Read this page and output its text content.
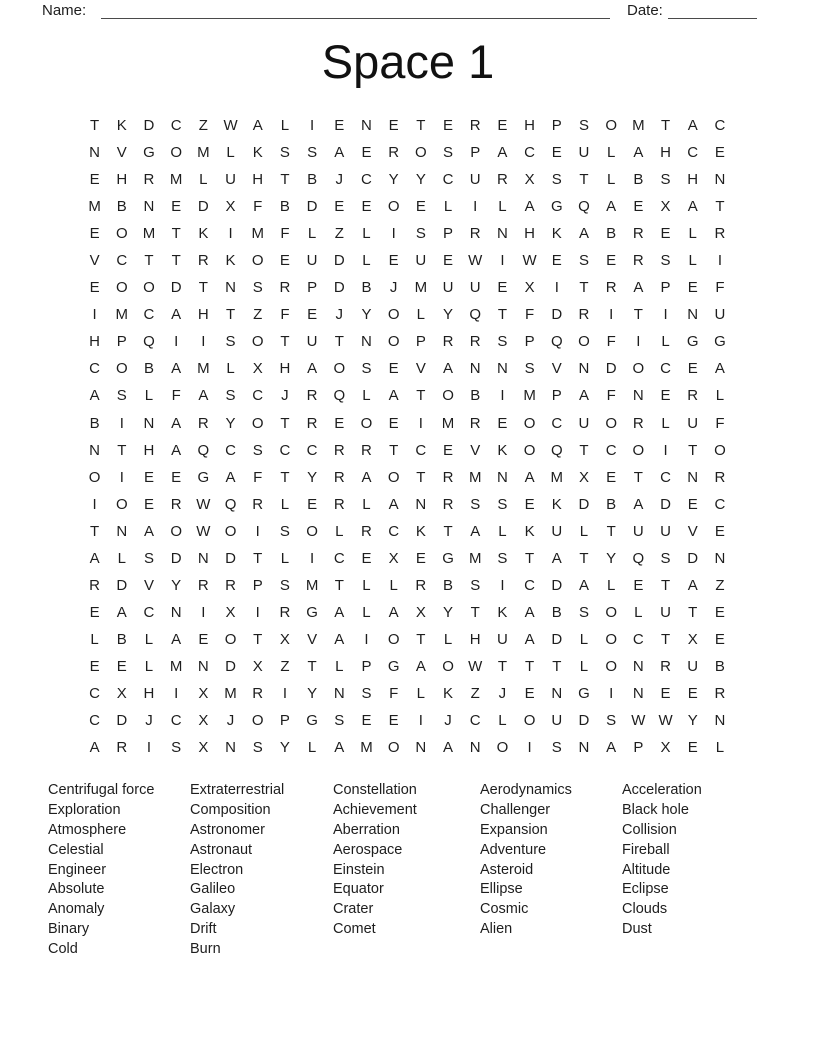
Name:	Date:
Space 1
T	K	D	C	Z	W	A	L	I	E	N	E	T	E	R	E	H	P	S	O	M	T	A	C
N	V	G	O	M	L	K	S	S	A	E	R	O	S	P	A	C	E	U	L	A	H	C	E
E	H	R	M	L	U	H	T	B	J	C	Y	Y	C	U	R	X	S	T	L	B	S	H	N
M	B	N	E	D	X	F	B	D	E	E	O	E	L	I	L	A	G	Q	A	E	X	A	T
E	O	M	T	K	I	M	F	L	Z	L	I	S	P	R	N	H	K	A	B	R	E	L	R
V	C	T	T	R	K	O	E	U	D	L	E	U	E	W	I	W	E	S	E	R	S	L	I
E	O	O	D	T	N	S	R	P	D	B	J	M	U	U	E	X	I	T	R	A	P	E	F
I	M	C	A	H	T	Z	F	E	J	Y	O	L	Y	Q	T	F	D	R	I	T	I	N	U
H	P	Q	I	I	S	O	T	U	T	N	O	P	R	R	S	P	Q	O	F	I	L	G	G
C	O	B	A	M	L	X	H	A	O	S	E	V	A	N	N	S	V	N	D	O	C	E	A
A	S	L	F	A	S	C	J	R	Q	L	A	T	O	B	I	M	P	A	F	N	E	R	L
B	I	N	A	R	Y	O	T	R	E	O	E	I	M	R	E	O	C	U	O	R	L	U	F
N	T	H	A	Q	C	S	C	C	R	R	T	C	E	V	K	O	Q	T	C	O	I	T	O
O	I	E	E	G	A	F	T	Y	R	A	O	T	R	M	N	A	M	X	E	T	C	N	R
I	O	E	R W Q	R	L	E	R	L	A	N	R	S	S	E	K	D	B	A	D	E	C
T	N	A	O W O	I	S	O	L	R	C	K	T	A	L	K	U	L	T	U	U	V	E
A	L	S	D	N	D	T	L	I	C	E	X	E	G	M	S	T	A	T	Y	Q	S	D	N
R	D	V	Y	R	R	P	S	M	T	L	L	R	B	S	I	C	D	A	L	E	T	A	Z
E	A	C	N	I	X	I	R	G	A	L	A	X	Y	T	K	A	B	S	O	L	U	T	E
L	B	L	A	E	O	T	X	V	A	I	O	T	L	H	U	A	D	L	O	C	T	X	E
E	E	L	M	N	D	X	Z	T	L	P	G	A	O W	T	T	T	L	O	N	R	U	B
C	X	H	I	X	M	R	I	Y	N	S	F	L	K	Z	J	E	N	G	I	N	E	E	R
C	D	J	C	X	J	O	P	G	S	E	E	I	J	C	L	O	U	D	S	W W	Y	N
A	R	I	S	X	N	S	Y	L	A	M	O	N	A	N	O	I	S	N	A	P	X	E	L
Centrifugal force
Exploration
Atmosphere
Celestial
Engineer
Absolute
Anomaly
Binary
Cold
Extraterrestrial
Composition
Astronomer
Astronaut
Electron
Galileo
Galaxy
Drift
Burn
Constellation
Achievement
Aberration
Aerospace
Einstein
Equator
Crater
Comet
Aerodynamics
Challenger
Expansion
Adventure
Asteroid
Ellipse
Cosmic
Alien
Acceleration
Black hole
Collision
Fireball
Altitude
Eclipse
Clouds
Dust
